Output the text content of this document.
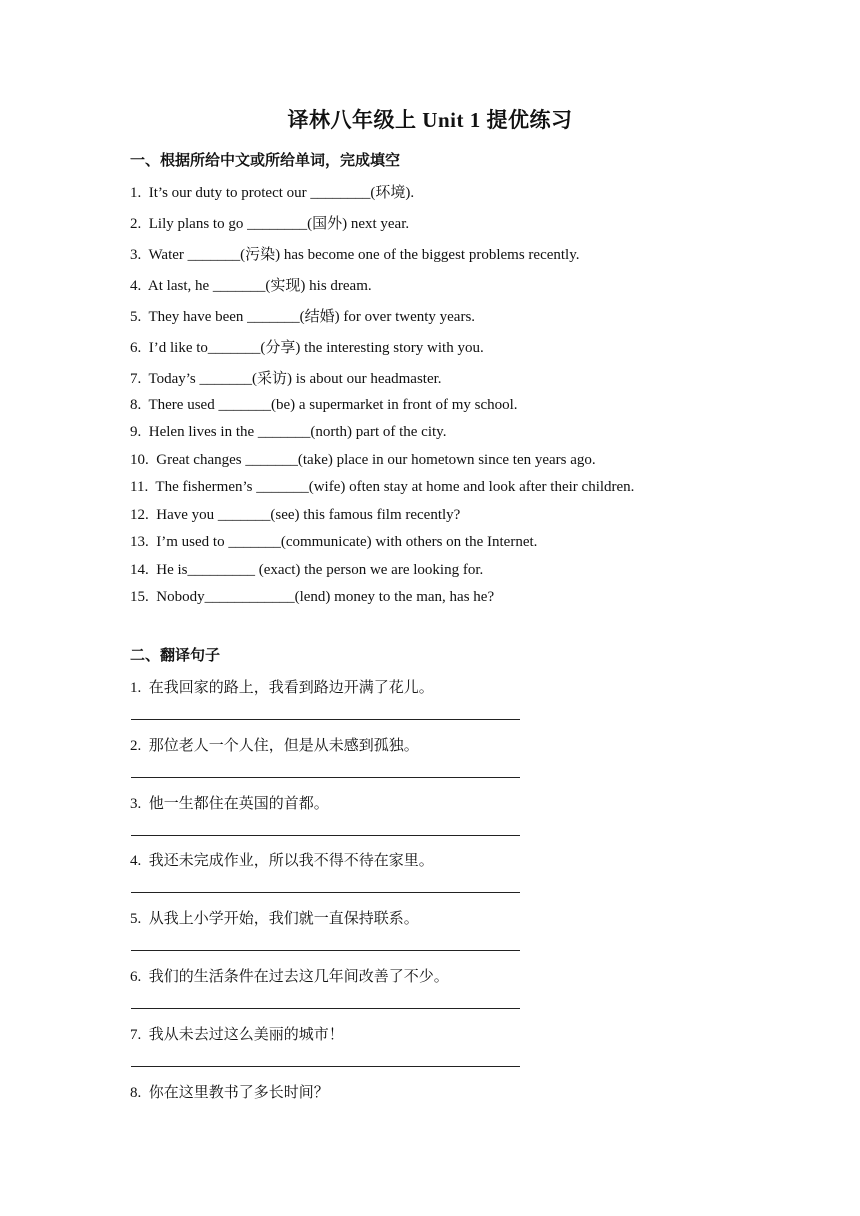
译林八年级上 Unit 1 提优练习
一、根据所给中文或所给单词，完成填空
1.  It’s our duty to protect our ________(环境).
2.  Lily plans to go ________(国外) next year.
3.  Water _______(污染) has become one of the biggest problems recently.
4.  At last, he _______(实现) his dream.
5.  They have been _______(结婚) for over twenty years.
6.  I’d like to_______(分享) the interesting story with you.
7.  Today’s _______(采访) is about our headmaster.
8.  There used _______(be) a supermarket in front of my school.
9.  Helen lives in the _______(north) part of the city.
10.  Great changes _______(take) place in our hometown since ten years ago.
11.  The fishermen’s _______(wife) often stay at home and look after their children.
12.  Have you _______(see) this famous film recently?
13.  I’m used to _______(communicate) with others on the Internet.
14.  He is_________ (exact) the person we are looking for.
15.  Nobody____________(lend) money to the man, has he?
二、翻译句子
1.  在我回家的路上，我看到路边开满了花儿。
2.  那位老人一个人住，但是从未感到孤独。
3.  他一生都住在英国的首都。
4.  我还未完成作业，所以我不得不待在家里。
5.  从我上小学开始，我们就一直保持联系。
6.  我们的生活条件在过去这几年间改善了不少。
7.  我从未去过这么美丽的城市！
8.  你在这里教书了多长时间？
